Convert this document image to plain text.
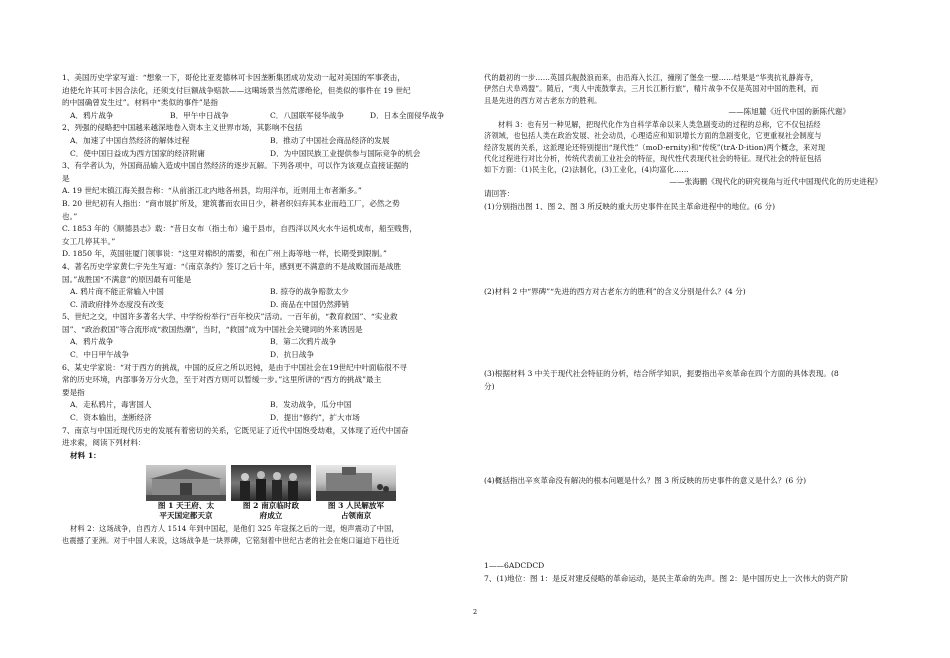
1、美国历史学家写道：“想象一下，哥伦比亚麦德林可卡因垄断集团成功发动一起对美国的军事袭击，
迫使允许其可卡因合法化，还须支付巨额战争赔款——这噶场景当然荒谬绝伦，但类似的事件在 19 世纪
的中国确曾发生过”。材料中“类似的事件”是指
A．鸦片战争	B．甲午中日战争	C．八国联军侵华战争	D．日本全面侵华战争
2、列强的侵略把中国越来越深地卷入资本主义世界市场，其影响不包括
A．加速了中国自然经济的解体过程	B．推动了中国社会商品经济的发展
C．使中国日益成为西方国家的经济附庸	D．为中国民族工业提供参与国际竞争的机会
3、有学者认为，外国商品输入造成中国自然经济的逐步瓦解。下列各项中，可以作为该观点直接证据的
是
A. 19 世纪末镇江海关报告称：“从前浙江北内地各州县，均用洋布，近则用土布者渐多。”
B. 20 世纪初有人指出：“商市展扩所及，建筑蕃而农田日少，耕者织妇弃其本业而趋工厂，必然之势
也。”
C. 1853 年的《顺德县志》载：“昔日女布（指土布）遍于县市，自西洋以风火水牛运机成布，船至贱售，
女工几停其半。”
D. 1850 年，英国驻厦门领事说：“这里对棉织的需要，和在广州上海等地一样，长期受到限制。”
4、著名历史学家黄仁宇先生写道：“《南京条约》签订之后十年，感到更不满意的不是战败国而是战胜
国。”战胜国“不满意”的原因最有可能是
A. 鸦片商不能正常输入中国	B. 掠夺的战争赔款太少
C. 清政府排外态度没有改变	D. 商品在中国仍然滞销
5、世纪之交，中国许多著名大学、中学纷纷举行“百年校庆”活动。一百年前，“教育救国”、“实业救
国”、“政治救国”等合流形成“救国热潮”，当时，“救国”成为中国社会关键词的外来诱因是
A．鸦片战争	B．第二次鸦片战争
C．中日甲午战争	D．抗日战争
6、某史学家说：“对于西方的挑战，中国的反应之所以迟钝，是由于中国社会在19世纪中叶面临很不寻
常的历史环境，内部事务万分火急，至于对西方则可以暂缓一步。”这里所讲的“西方的挑战”最主
要是指
A．走私鸦片，毒害国人	B．发动战争，瓜分中国
C．资本输出，垄断经济	D．提出“修约”，扩大市场
7、南京与中国近现代历史的发展有着密切的关系，它既见证了近代中国饱受劫难，又体现了近代中国奋
进求索，阅读下列材料：
材料 1：
图 1 天王府、太
平天国定都天京
图 2 南京临时政
府成立
图 3 人民解放军
占领南京
材料 2：这场战争，自西方人 1514 年到中国起，是他们 325 年寇探之后的一逞，炮声震动了中国，
也震撼了亚洲。对于中国人来说，这场战争是一块界碑，它铭刻着中世纪古老的社会在炮口逼迫下趋往近
代的最初的一步……英国兵舰鼓浪而来，由沿海入长江，撞削了堡垒一壁……结果是“华夷抗礼静海寺，
伊然白犬阜鸡盟”。随后，“夷人中流鼓掌去，三月长江断行旅”，精片战争不仅是英国对中国的胜利，而
且是先进的西方对古老东方的胜利。
——陈旭麓《近代中国的新陈代谢》
材料 3：也有另一种见解，把现代化作为自科学革命以来人类急剧变动的过程的总称，它不仅包括经
济领域，也包括人类在政治发展、社会动员，心理适应和知识增长方面的急剧变化，它更重视社会制度与
经济发展的关系，这派理论还特别提出“现代性”（moD·ernity)和“传统”(trA·D·ition)两个概念，来对现
代化过程进行对比分析，传统代表前工业社会的特征，现代性代表现代社会的特征。现代社会的特征包括
如下方面：（1)民主化，(2)法制化，(3)工业化，(4)均富化……
——张海鹏《现代化的研究视角与近代中国现代化的历史进程》
请回答：
(1)分别指出图 1、图 2、图 3 所反映的重大历史事件在民主革命进程中的地位。(6 分)
(2)材料 2 中“界碑”“先进的西方对古老东方的胜利”的含义分别是什么？(4 分)
(3)根据材料 3 中关于现代社会特征的分析，结合所学知识，扼要指出辛亥革命在四个方面的具体表现。(8
分)
(4)概括指出辛亥革命没有解决的根本问题是什么？图 3 所反映的历史事件的意义是什么？(6 分)
1——6ADCDCD
7、(1)地位：图 1：是反对建反侵略的革命运动，是民主革命的先声。图 2：是中国历史上一次伟大的资产阶
2
